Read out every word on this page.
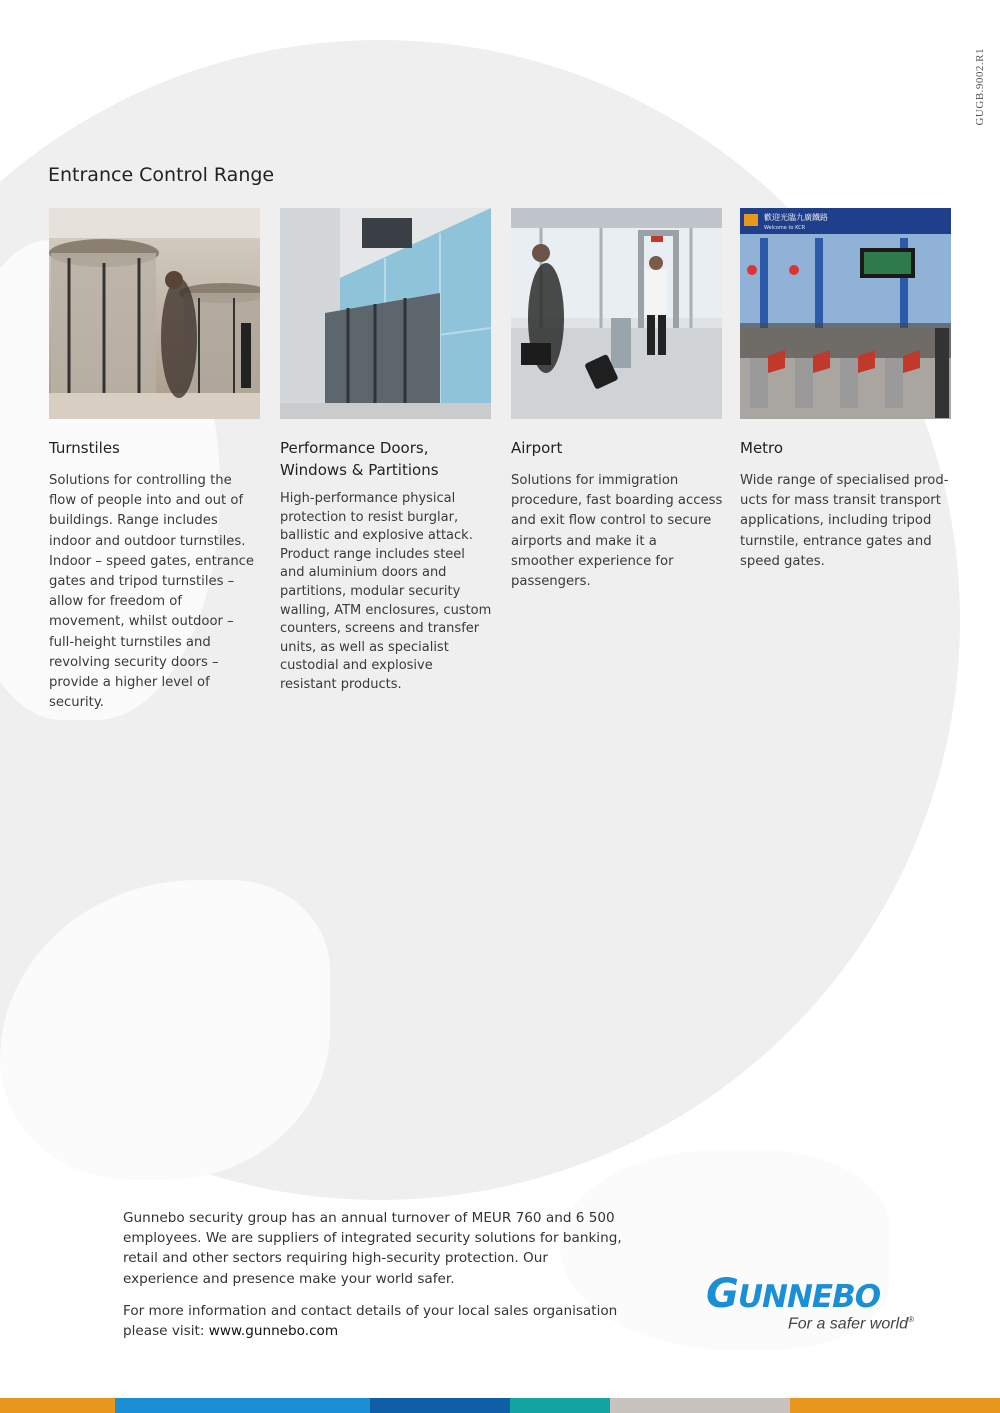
GUGB.9002.R1
Entrance Control Range
Turnstiles

Solutions for controlling the flow of people into and out of buildings. Range includes indoor and outdoor turnstiles. Indoor – speed gates, entrance gates and tripod turnstiles – allow for freedom of movement, whilst outdoor – full-height turnstiles and revolving security doors – provide a higher level of security.

Performance Doors, Windows & Partitions

High-performance physical protection to resist burglar, ballistic and explosive attack. Product range includes steel and aluminium doors and partitions, modular security walling, ATM enclosures, custom counters, screens and transfer units, as well as specialist custodial and explosive resistant products.

Airport

Solutions for immigration procedure, fast boarding access and exit flow control to secure airports and make it a smoother experience for passengers.

歡迎光臨九廣鐵路
Welcome to KCR
Metro

Wide range of specialised prod-ucts for mass transit transport applications, including tripod turnstile, entrance gates and speed gates.

Gunnebo security group has an annual turnover of MEUR 760 and 6 500 employees. We are suppliers of integrated security solutions for banking, retail and other sectors requiring high-security protection. Our experience and presence make your world safer.

For more information and contact details of your local sales organisation please visit: www.gunnebo.com

GUNNEBO
For a safer world®
